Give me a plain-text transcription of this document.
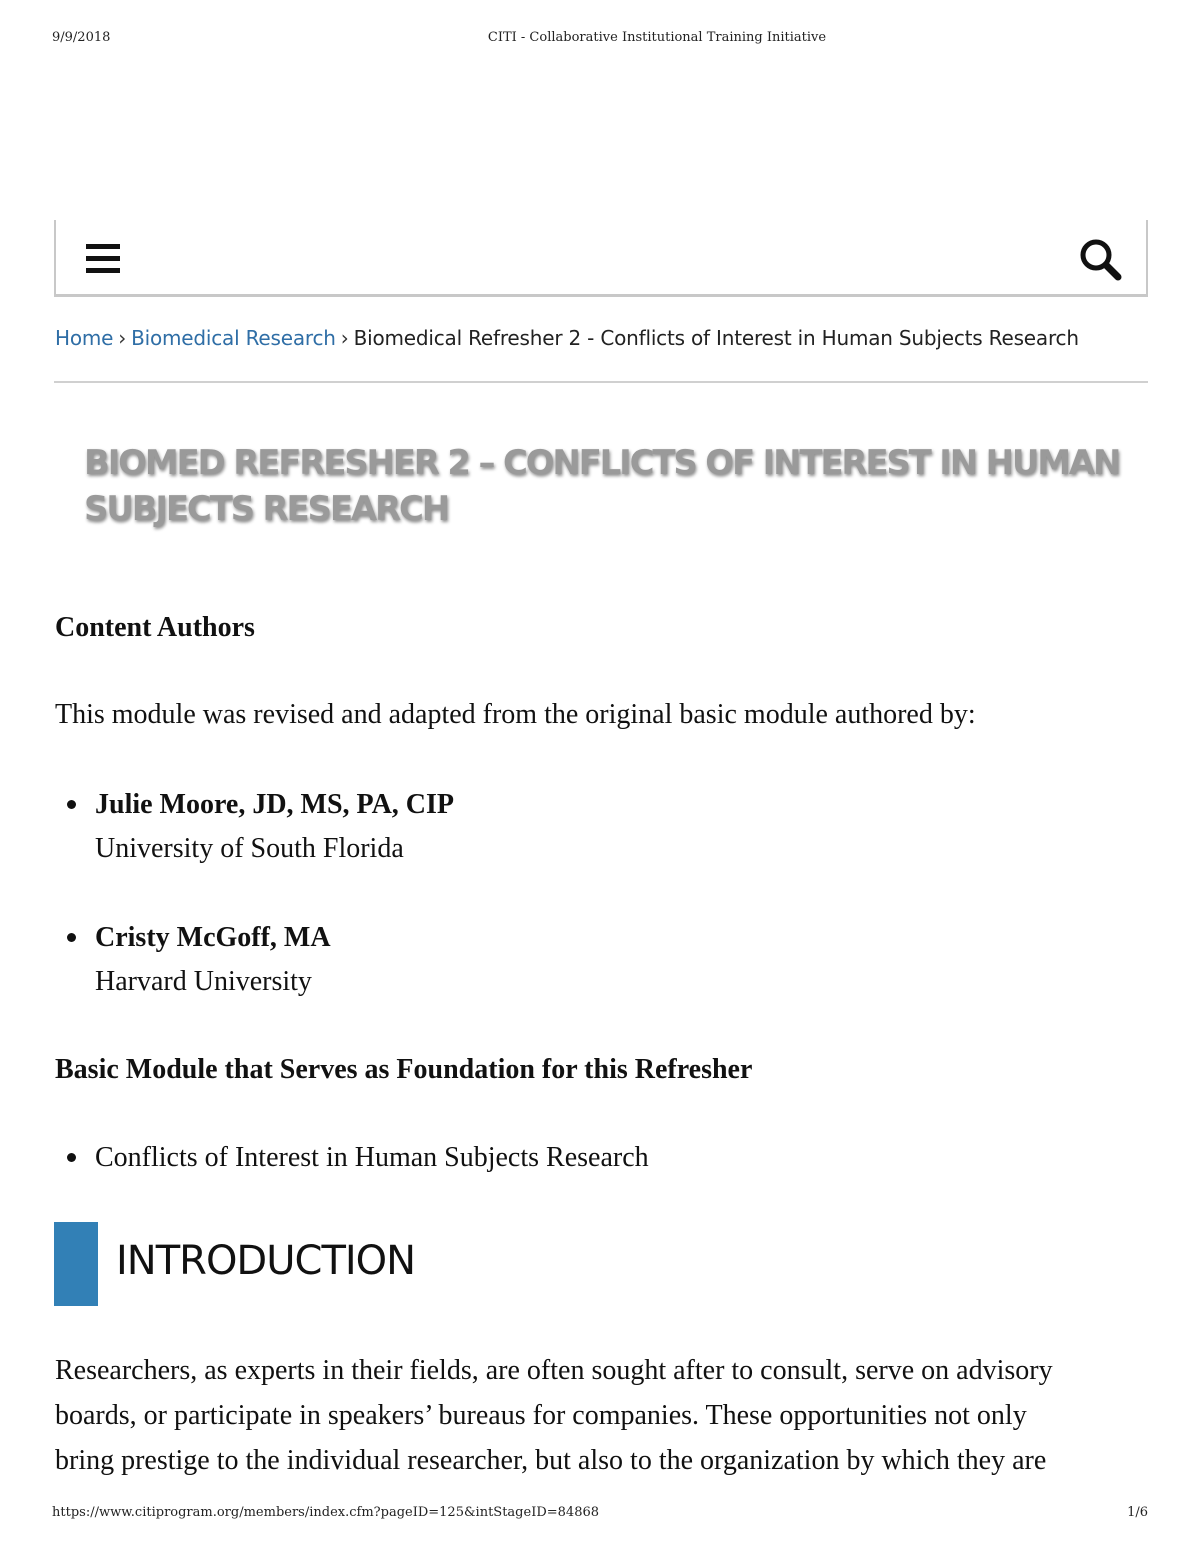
9/9/2018	CITI - Collaborative Institutional Training Initiative
Home › Biomedical Research › Biomedical Refresher 2 - Conflicts of Interest in Human Subjects Research
BIOMED REFRESHER 2 – CONFLICTS OF INTEREST IN HUMAN SUBJECTS RESEARCH
Content Authors
This module was revised and adapted from the original basic module authored by:
Julie Moore, JD, MS, PA, CIP
University of South Florida
Cristy McGoff, MA
Harvard University
Basic Module that Serves as Foundation for this Refresher
Conflicts of Interest in Human Subjects Research
INTRODUCTION
Researchers, as experts in their fields, are often sought after to consult, serve on advisory
boards, or participate in speakers’ bureaus for companies. These opportunities not only
bring prestige to the individual researcher, but also to the organization by which they are
https://www.citiprogram.org/members/index.cfm?pageID=125&intStageID=84868	1/6
